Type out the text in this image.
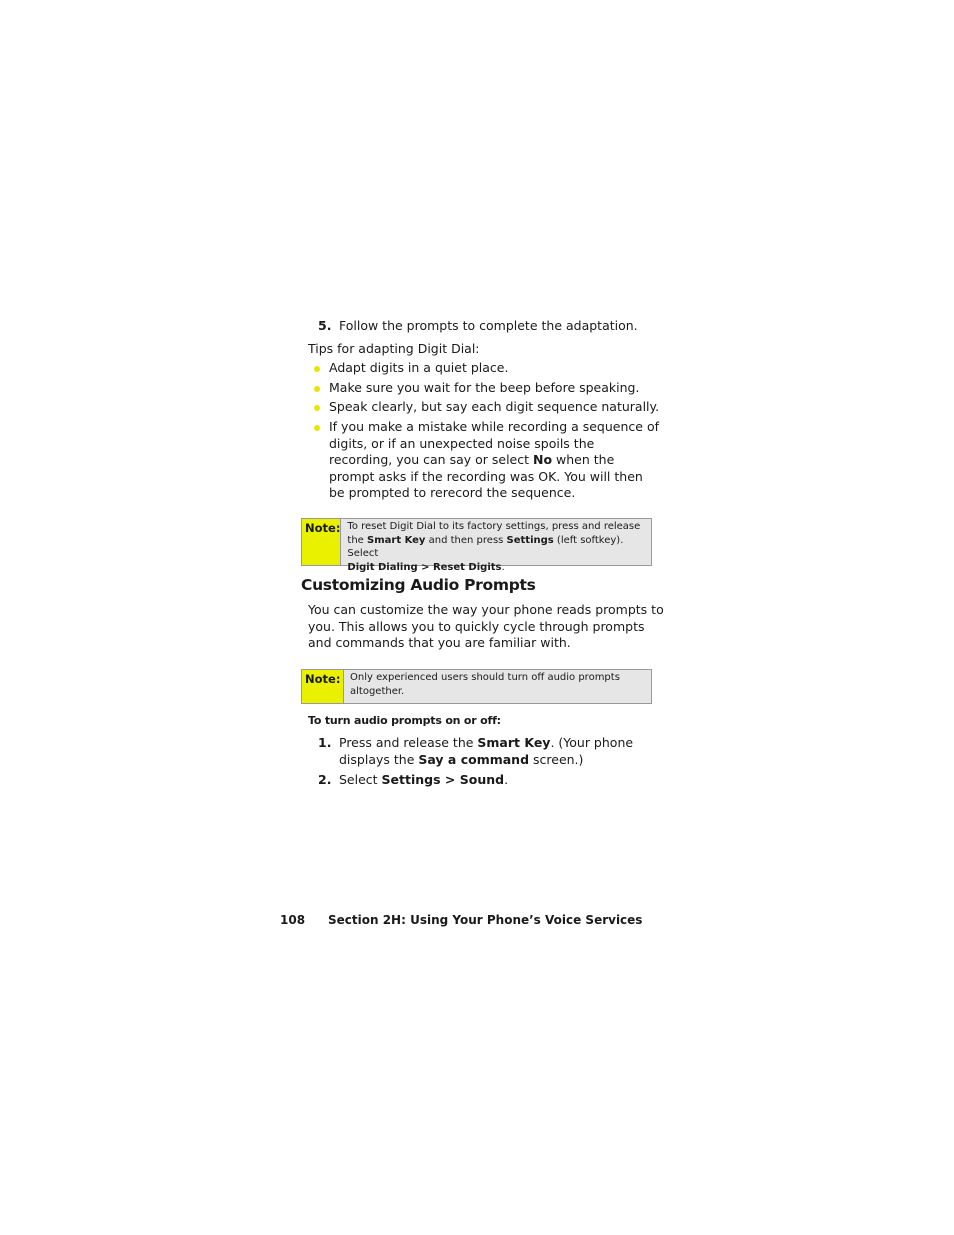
5. Follow the prompts to complete the adaptation.
Tips for adapting Digit Dial:
Adapt digits in a quiet place.
Make sure you wait for the beep before speaking.
Speak clearly, but say each digit sequence naturally.
If you make a mistake while recording a sequence of digits, or if an unexpected noise spoils the recording, you can say or select No when the prompt asks if the recording was OK. You will then be prompted to rerecord the sequence.
Note: To reset Digit Dial to its factory settings, press and release the Smart Key and then press Settings (left softkey). Select
Digit Dialing > Reset Digits.
Customizing Audio Prompts
You can customize the way your phone reads prompts to you. This allows you to quickly cycle through prompts and commands that you are familiar with.
Note: Only experienced users should turn off audio prompts altogether.
To turn audio prompts on or off:
1. Press and release the Smart Key. (Your phone displays the Say a command screen.)
2. Select Settings > Sound.
108 Section 2H: Using Your Phone’s Voice Services
